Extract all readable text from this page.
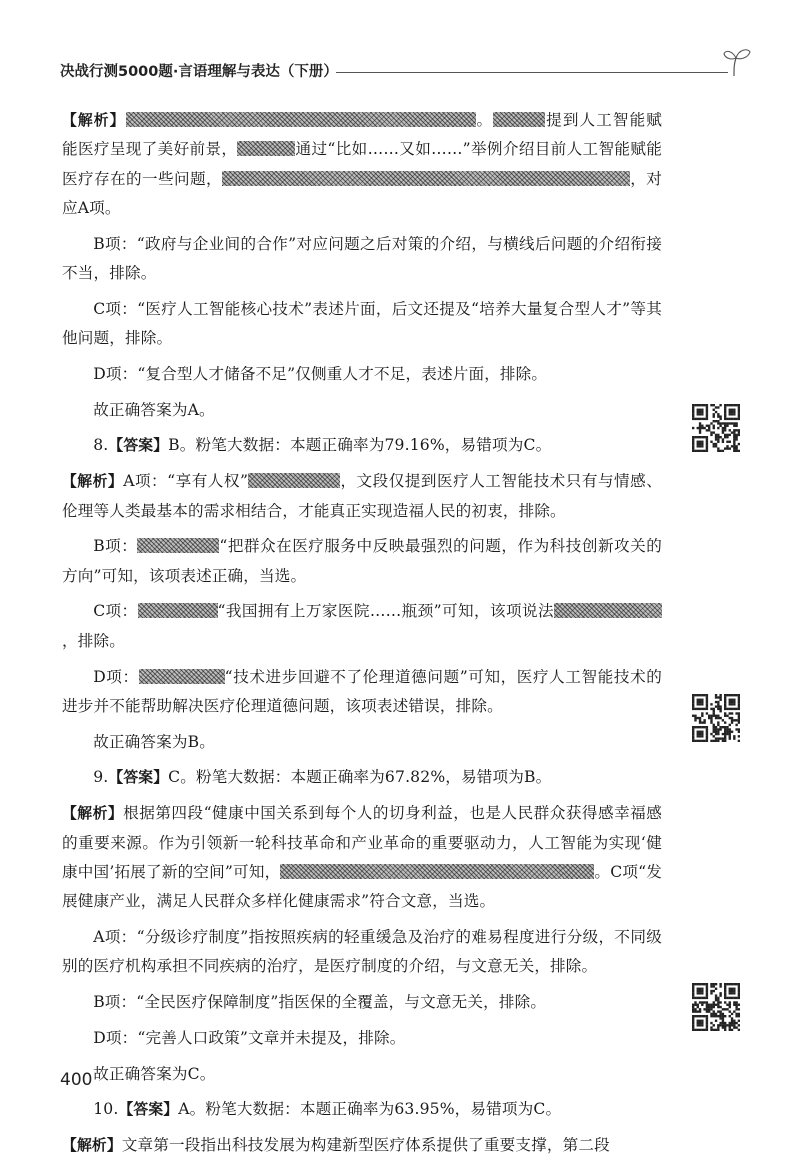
决战行测5000题·言语理解与表达（下册）

【解析】	。	提到人工智能赋能医疗呈现了美好前景，	通过“比如……又如……”举例介绍目前人工智能赋能医疗存在的一些问题，	，对应A项。

B项：“政府与企业间的合作”对应问题之后对策的介绍，与横线后问题的介绍衔接不当，排除。

C项：“医疗人工智能核心技术”表述片面，后文还提及“培养大量复合型人才”等其他问题，排除。

D项：“复合型人才储备不足”仅侧重人才不足，表述片面，排除。

故正确答案为A。

8.【答案】B。粉笔大数据：本题正确率为79.16%，易错项为C。

【解析】A项：“享有人权”	，文段仅提到医疗人工智能技术只有与情感、伦理等人类最基本的需求相结合，才能真正实现造福人民的初衷，排除。

B项：	“把群众在医疗服务中反映最强烈的问题，作为科技创新攻关的方向”可知，该项表述正确，当选。

C项：	“我国拥有上万家医院……瓶颈”可知，该项说法，排除。

D项：	“技术进步回避不了伦理道德问题”可知，医疗人工智能技术的进步并不能帮助解决医疗伦理道德问题，该项表述错误，排除。

故正确答案为B。

9.【答案】C。粉笔大数据：本题正确率为67.82%，易错项为B。

【解析】根据第四段“健康中国关系到每个人的切身利益，也是人民群众获得感幸福感的重要来源。作为引领新一轮科技革命和产业革命的重要驱动力，人工智能为实现‘健康中国’拓展了新的空间”可知，	。C项“发展健康产业，满足人民群众多样化健康需求”符合文意，当选。

A项：“分级诊疗制度”指按照疾病的轻重缓急及治疗的难易程度进行分级，不同级别的医疗机构承担不同疾病的治疗，是医疗制度的介绍，与文意无关，排除。

B项：“全民医疗保障制度”指医保的全覆盖，与文意无关，排除。

D项：“完善人口政策”文章并未提及，排除。

故正确答案为C。

10.【答案】A。粉笔大数据：本题正确率为63.95%，易错项为C。

【解析】文章第一段指出科技发展为构建新型医疗体系提供了重要支撑，第二段

400
